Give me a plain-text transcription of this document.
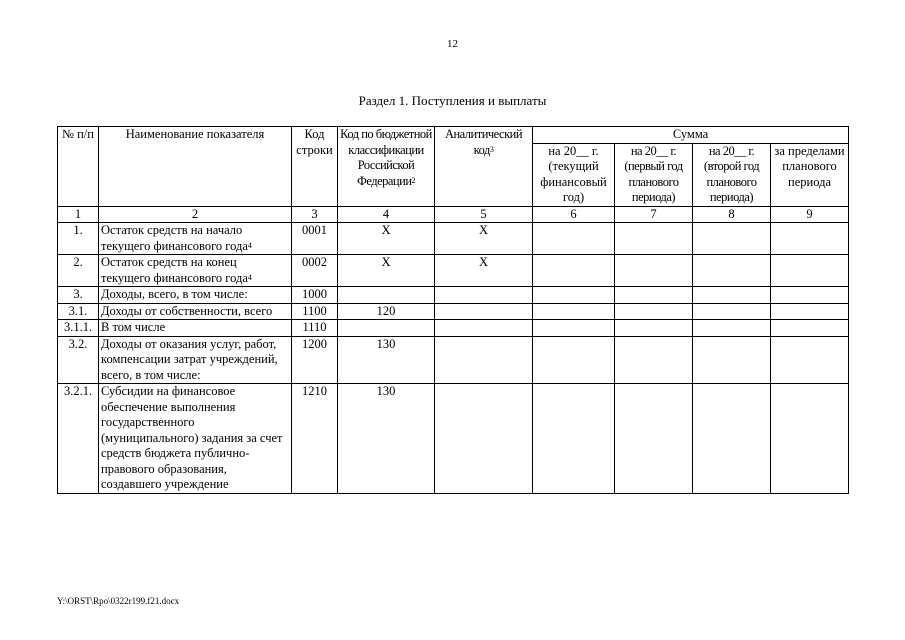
12
Раздел 1. Поступления и выплаты
№ п/п	Наименование показателя	Код строки	Код по бюджетной классификации Российской Федерации$^2$	Аналитический код$^3$	Сумма			
					на 20__ г. (текущий финансовый год)	на 20__ г. (первый год планового периода)	на 20__ г. (второй год планового периода)	за пределами планового периода
1	2	3	4	5	6	7	8	9
1.	Остаток средств на начало текущего финансового года$^4$	0001	X	X				
2.	Остаток средств на конец текущего финансового года$^4$	0002	X	X				
3.	Доходы, всего, в том числе:	1000						
3.1.	Доходы от собственности, всего	1100	120					
3.1.1.	В том числе	1110						
3.2.	Доходы от оказания услуг, работ, компенсации затрат учреждений, всего, в том числе:	1200	130					
3.2.1.	Субсидии на финансовое обеспечение выполнения государственного (муниципального) задания за счет средств бюджета публично-правового образования, создавшего учреждение	1210	130					
Y:\ORST\Rpo\0322r199.f21.docx
